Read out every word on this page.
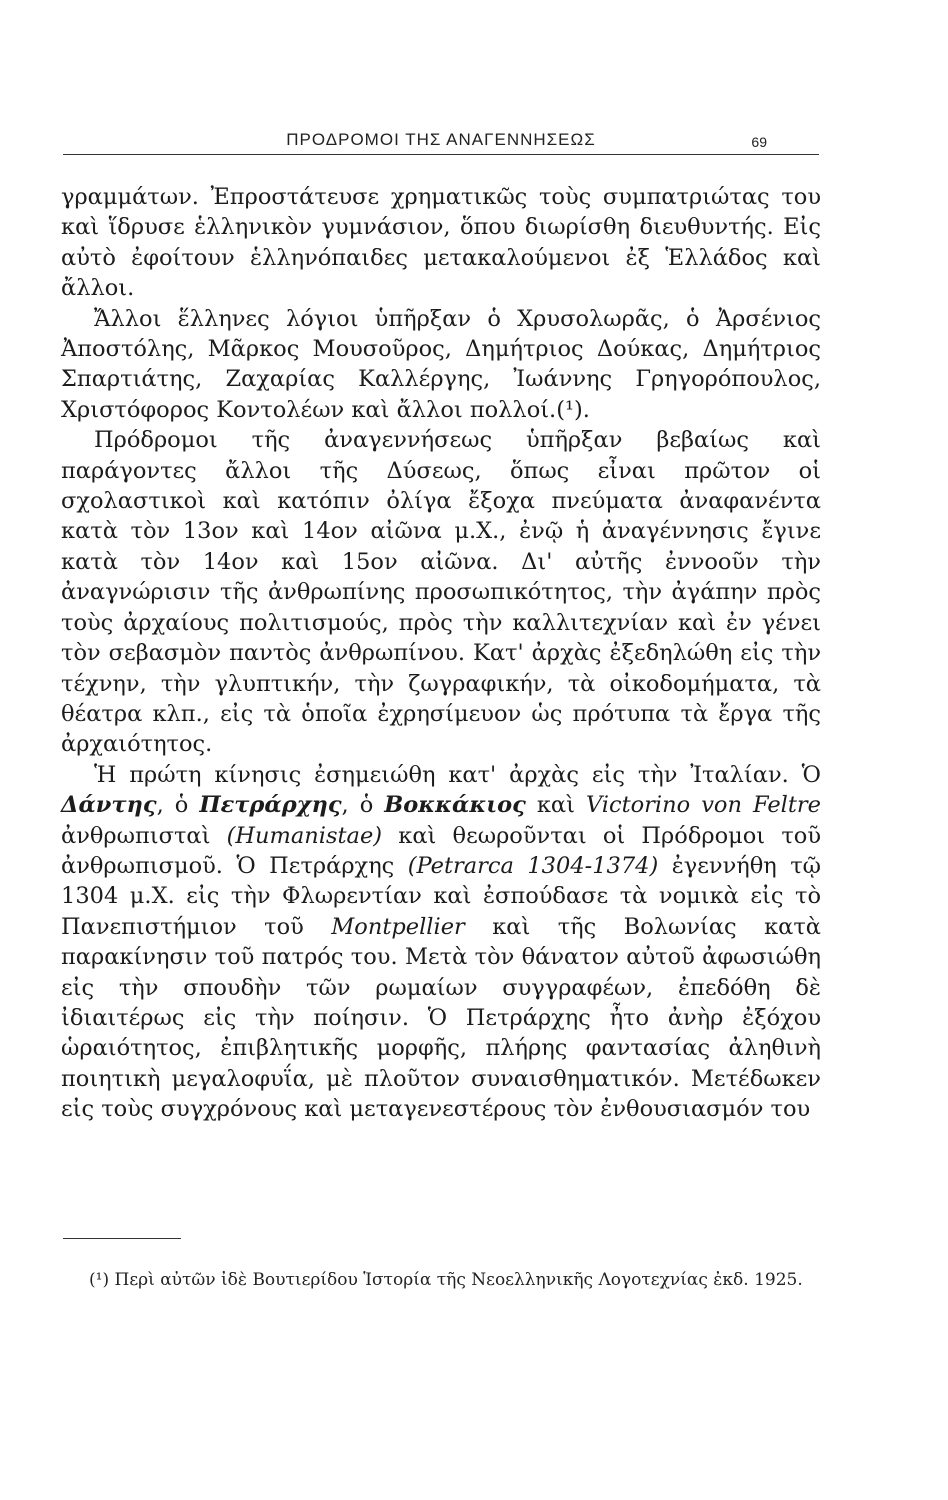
ΠΡΟΔΡΟΜΟΙ ΤΗΣ ΑΝΑΓΕΝΝΗΣΕΩΣ	69

γραμμάτων. Ἐπροστάτευσε χρηματικῶς τοὺς συμπατριώτας του καὶ ἵδρυσε ἑλληνικὸν γυμνάσιον, ὅπου διωρίσθη διευθυντής. Εἰς αὐτὸ ἐφοίτουν ἑλληνόπαιδες μετακαλούμενοι ἐξ Ἑλλάδος καὶ ἄλλοι.

Ἄλλοι ἕλληνες λόγιοι ὑπῆρξαν ὁ Χρυσολωρᾶς, ὁ Ἀρσένιος Ἀποστόλης, Μᾶρκος Μουσοῦρος, Δημήτριος Δούκας, Δημήτριος Σπαρτιάτης, Ζαχαρίας Καλλέργης, Ἰωάννης Γρηγορόπουλος, Χριστόφορος Κοντολέων καὶ ἄλλοι πολλοί.(¹).

Πρόδρομοι τῆς ἀναγεννήσεως ὑπῆρξαν βεβαίως καὶ παράγοντες ἄλλοι τῆς Δύσεως, ὅπως εἶναι πρῶτον οἱ σχολαστικοὶ καὶ κατόπιν ὀλίγα ἔξοχα πνεύματα ἀναφανέντα κατὰ τὸν 13ον καὶ 14ον αἰῶνα μ.Χ., ἐνῷ ἡ ἀναγέννησις ἔγινε κατὰ τὸν 14ον καὶ 15ον αἰῶνα. Δι' αὐτῆς ἐννοοῦν τὴν ἀναγνώρισιν τῆς ἀνθρωπίνης προσωπικότητος, τὴν ἀγάπην πρὸς τοὺς ἀρχαίους πολιτισμούς, πρὸς τὴν καλλιτεχνίαν καὶ ἐν γένει τὸν σεβασμὸν παντὸς ἀνθρωπίνου. Κατ' ἀρχὰς ἐξεδηλώθη εἰς τὴν τέχνην, τὴν γλυπτικήν, τὴν ζωγραφικήν, τὰ οἰκοδομήματα, τὰ θέατρα κλπ., εἰς τὰ ὁποῖα ἐχρησίμευον ὡς πρότυπα τὰ ἔργα τῆς ἀρχαιότητος.

Ἡ πρώτη κίνησις ἐσημειώθη κατ' ἀρχὰς εἰς τὴν Ἰταλίαν. Ὁ Δάντης, ὁ Πετράρχης, ὁ Βοκκάκιος καὶ Victorino von Feltre ἀνθρωπισταὶ (Humanistae) καὶ θεωροῦνται οἱ Πρόδρομοι τοῦ ἀνθρωπισμοῦ. Ὁ Πετράρχης (Petrarca 1304-1374) ἐγεννήθη τῷ 1304 μ.Χ. εἰς τὴν Φλωρεντίαν καὶ ἐσπούδασε τὰ νομικὰ εἰς τὸ Πανεπιστήμιον τοῦ Montpellier καὶ τῆς Βολωνίας κατὰ παρακίνησιν τοῦ πατρός του. Μετὰ τὸν θάνατον αὐτοῦ ἀφωσιώθη εἰς τὴν σπουδὴν τῶν ρωμαίων συγγραφέων, ἐπεδόθη δὲ ἰδιαιτέρως εἰς τὴν ποίησιν. Ὁ Πετράρχης ἦτο ἀνὴρ ἐξόχου ὡραιότητος, ἐπιβλητικῆς μορφῆς, πλήρης φαντασίας ἀληθινὴ ποιητικὴ μεγαλοφυΐα, μὲ πλοῦτον συναισθηματικόν. Μετέδωκεν εἰς τοὺς συγχρόνους καὶ μεταγενεστέρους τὸν ἐνθουσιασμόν του

(¹) Περὶ αὐτῶν ἰδὲ Βουτιερίδου Ἱστορία τῆς Νεοελληνικῆς Λογοτεχνίας ἐκδ. 1925.
